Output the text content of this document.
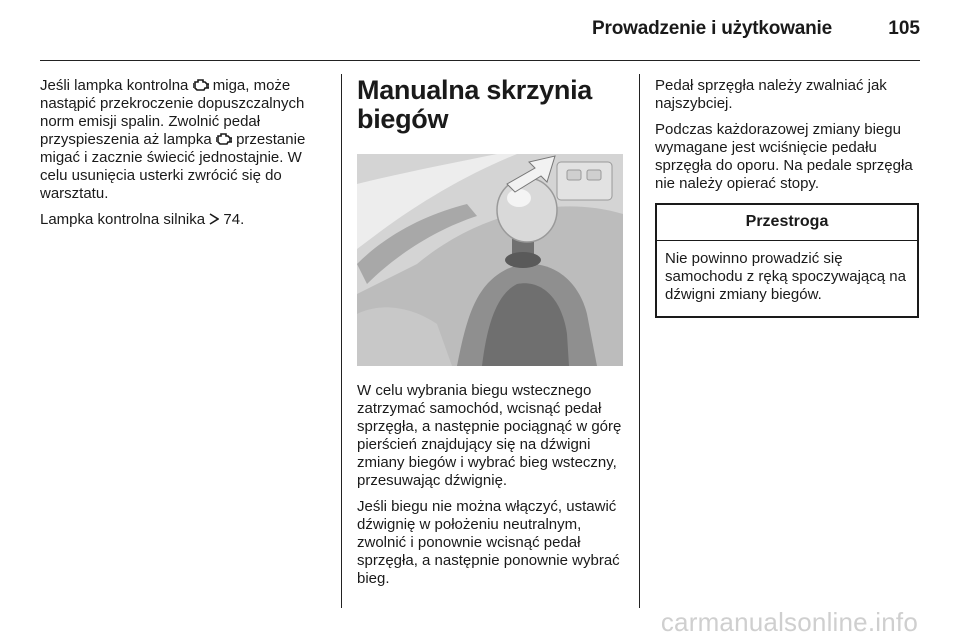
Prowadzenie i użytkowanie	105

Jeśli lampka kontrolna  miga, może nastąpić przekroczenie dopuszczalnych norm emisji spalin. Zwolnić pedał przyspieszenia aż lampka  przestanie migać i zacznie świecić jednostajnie. W celu usunięcia usterki zwrócić się do warsztatu.

Lampka kontrolna silnika  74.

Manualna skrzynia biegów

W celu wybrania biegu wstecznego zatrzymać samochód, wcisnąć pedał sprzęgła, a następnie pociągnąć w górę pierścień znajdujący się na dźwigni zmiany biegów i wybrać bieg wsteczny, przesuwając dźwignię.

Jeśli biegu nie można włączyć, ustawić dźwignię w położeniu neutralnym, zwolnić i ponownie wcisnąć pedał sprzęgła, a następnie ponownie wybrać bieg.

Pedał sprzęgła należy zwalniać jak najszybciej.

Podczas każdorazowej zmiany biegu wymagane jest wciśnięcie pedału sprzęgła do oporu. Na pedale sprzęgła nie należy opierać stopy.

Przestroga
Nie powinno prowadzić się samochodu z ręką spoczywającą na dźwigni zmiany biegów.
carmanualsonline.info
